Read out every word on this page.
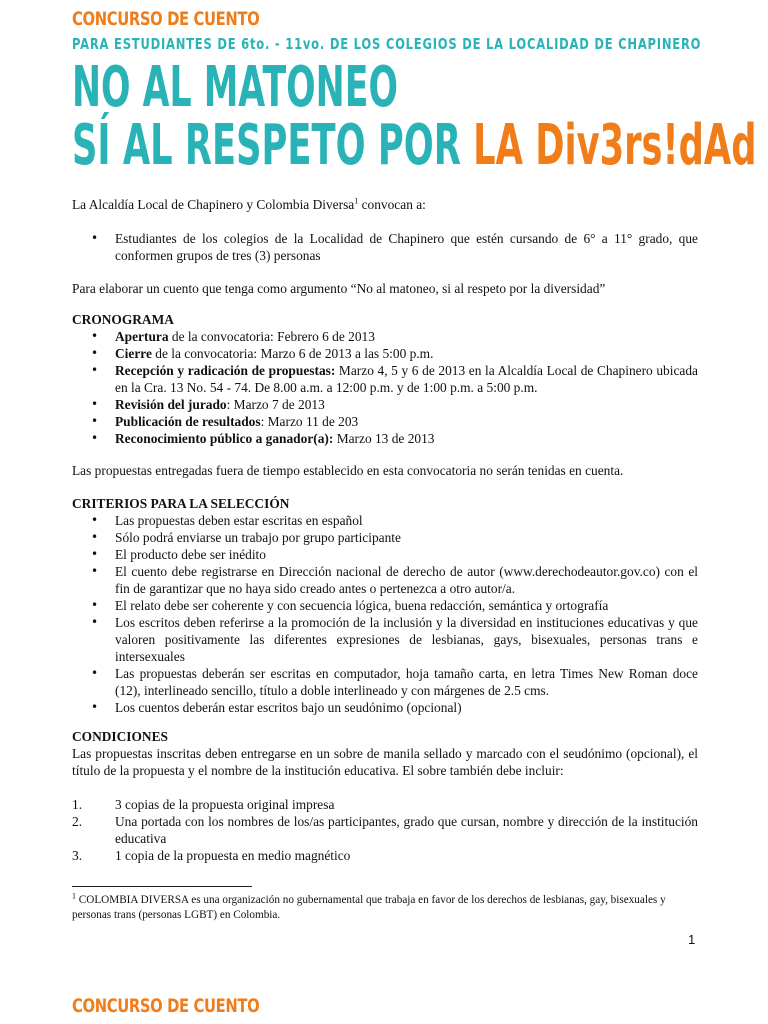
CONCURSO DE CUENTO
PARA ESTUDIANTES DE 6to. - 11vo. DE LOS COLEGIOS DE LA LOCALIDAD DE CHAPINERO
NO AL MATONEO
SÍ AL RESPETO POR LA Div3rs!dAd

La Alcaldía Local de Chapinero y Colombia Diversa$^1$ convocan a:

• Estudiantes de los colegios de la Localidad de Chapinero que estén cursando de 6° a 11° grado, que conformen grupos de tres (3) personas

Para elaborar un cuento que tenga como argumento “No al matoneo, si al respeto por la diversidad”

CRONOGRAMA

• Apertura de la convocatoria: Febrero 6 de 2013
• Cierre de la convocatoria: Marzo 6 de 2013 a las 5:00 p.m.
• Recepción y radicación de propuestas: Marzo 4, 5 y 6 de 2013 en la Alcaldía Local de Chapinero ubicada en la Cra. 13 No. 54 - 74. De 8.00 a.m. a 12:00 p.m. y de 1:00 p.m. a 5:00 p.m.
• Revisión del jurado: Marzo 7 de 2013
• Publicación de resultados: Marzo 11 de 203
• Reconocimiento público a ganador(a): Marzo 13 de 2013

Las propuestas entregadas fuera de tiempo establecido en esta convocatoria no serán tenidas en cuenta.

CRITERIOS PARA LA SELECCIÓN

• Las propuestas deben estar escritas en español
• Sólo podrá enviarse un trabajo por grupo participante
• El producto debe ser inédito
• El cuento debe registrarse en Dirección nacional de derecho de autor (www.derechodeautor.gov.co) con el fin de garantizar que no haya sido creado antes o pertenezca a otro autor/a.
• El relato debe ser coherente y con secuencia lógica, buena redacción, semántica y ortografía
• Los escritos deben referirse a la promoción de la inclusión y la diversidad en instituciones educativas y que valoren positivamente las diferentes expresiones de lesbianas, gays, bisexuales, personas trans e intersexuales
• Las propuestas deberán ser escritas en computador, hoja tamaño carta, en letra Times New Roman doce (12), interlineado sencillo, título a doble interlineado y con márgenes de 2.5 cms.
• Los cuentos deberán estar escritos bajo un seudónimo (opcional)

CONDICIONES

Las propuestas inscritas deben entregarse en un sobre de manila sellado y marcado con el seudónimo (opcional), el título de la propuesta y el nombre de la institución educativa. El sobre también debe incluir:

1. 3 copias de la propuesta original impresa
2. Una portada con los nombres de los/as participantes, grado que cursan, nombre y dirección de la institución educativa
3. 1 copia de la propuesta en medio magnético
$^1$ COLOMBIA DIVERSA es una organización no gubernamental que trabaja en favor de los derechos de lesbianas, gay, bisexuales y personas trans (personas LGBT) en Colombia.
1
CONCURSO DE CUENTO
